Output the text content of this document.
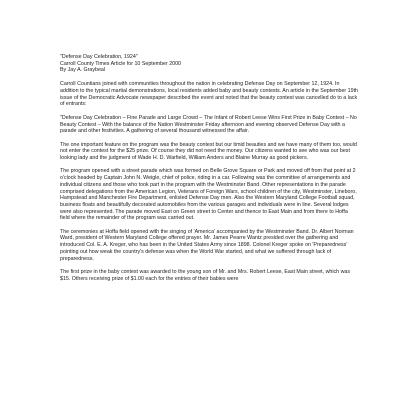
"Defense Day Celebration, 1924"
Carroll County Times Article for 10 September 2000
By Jay A. Graybeal

Carroll Countians joined with communities throughout the nation in celebrating Defense Day on September 12, 1924. In addition to the typical martial demonstrations, local residents added baby and beauty contests. An article in the September 19th issue of the Democratic Advocate newspaper described the event and noted that the beauty contest was cancelled do to a lack of entrants:

"Defense Day Celebration – Fine Parade and Large Crowd – The Infant of Robert Leese Wins First Prize in Baby Contest – No Beauty Contest – With the balance of the Nation Westminster Friday afternoon and evening observed Defense Day with a parade and other festivities. A gathering of several thousand witnessed the affair.

The one important feature on the program was the beauty contest but our timid beauties and we have many of them too, would not enter the contest for the $25 prize. Of course they did not need the money. Our citizens wanted to see who was our best looking lady and the judgment of Wade H. D. Warfield, William Anders and Blaine Murray as good pickers.

The program opened with a street parade which was formed on Belle Grove Square or Park and moved off from that point at 2 o'clock headed by Captain John N. Weigle, chief of police, riding in a car. Following was the committee of arrangements and individual citizens and those who took part in the program with the Westminster Band. Other representations in the parade comprised delegations from the American Legion, Veterans of Foreign Wars, school children of the city, Westminster, Lineboro, Hampstead and Manchester Fire Department, enlisted Defense Day men. Also the Western Maryland College Football squad, business floats and beautifully decorated automobiles from the various garages and individuals were in line. Several lodges were also represented. The parade moved East on Green street to Center and thence to East Main and from there to Hoffa field where the remainder of the program was carried out.

The ceremonies at Hoffa field opened with the singing of 'America' accompanied by the Westminster Band. Dr. Albert Norman Ward, president of Western Maryland College offered prayer. Mr. James Pearre Wantz presided over the gathering and introduced Col. E. A. Kreger, who has been in the United States Army since 1898. Colonel Kreger spoke on 'Preparedness' pointing out how weak the country's defense was when the World War started, and what we suffered through lack of preparedness.

The first prize in the baby contest was awarded to the young son of Mr. and Mrs. Robert Leese, East Main street, which was $15. Others receiving prize of $1.00 each for the entries of their babies were
